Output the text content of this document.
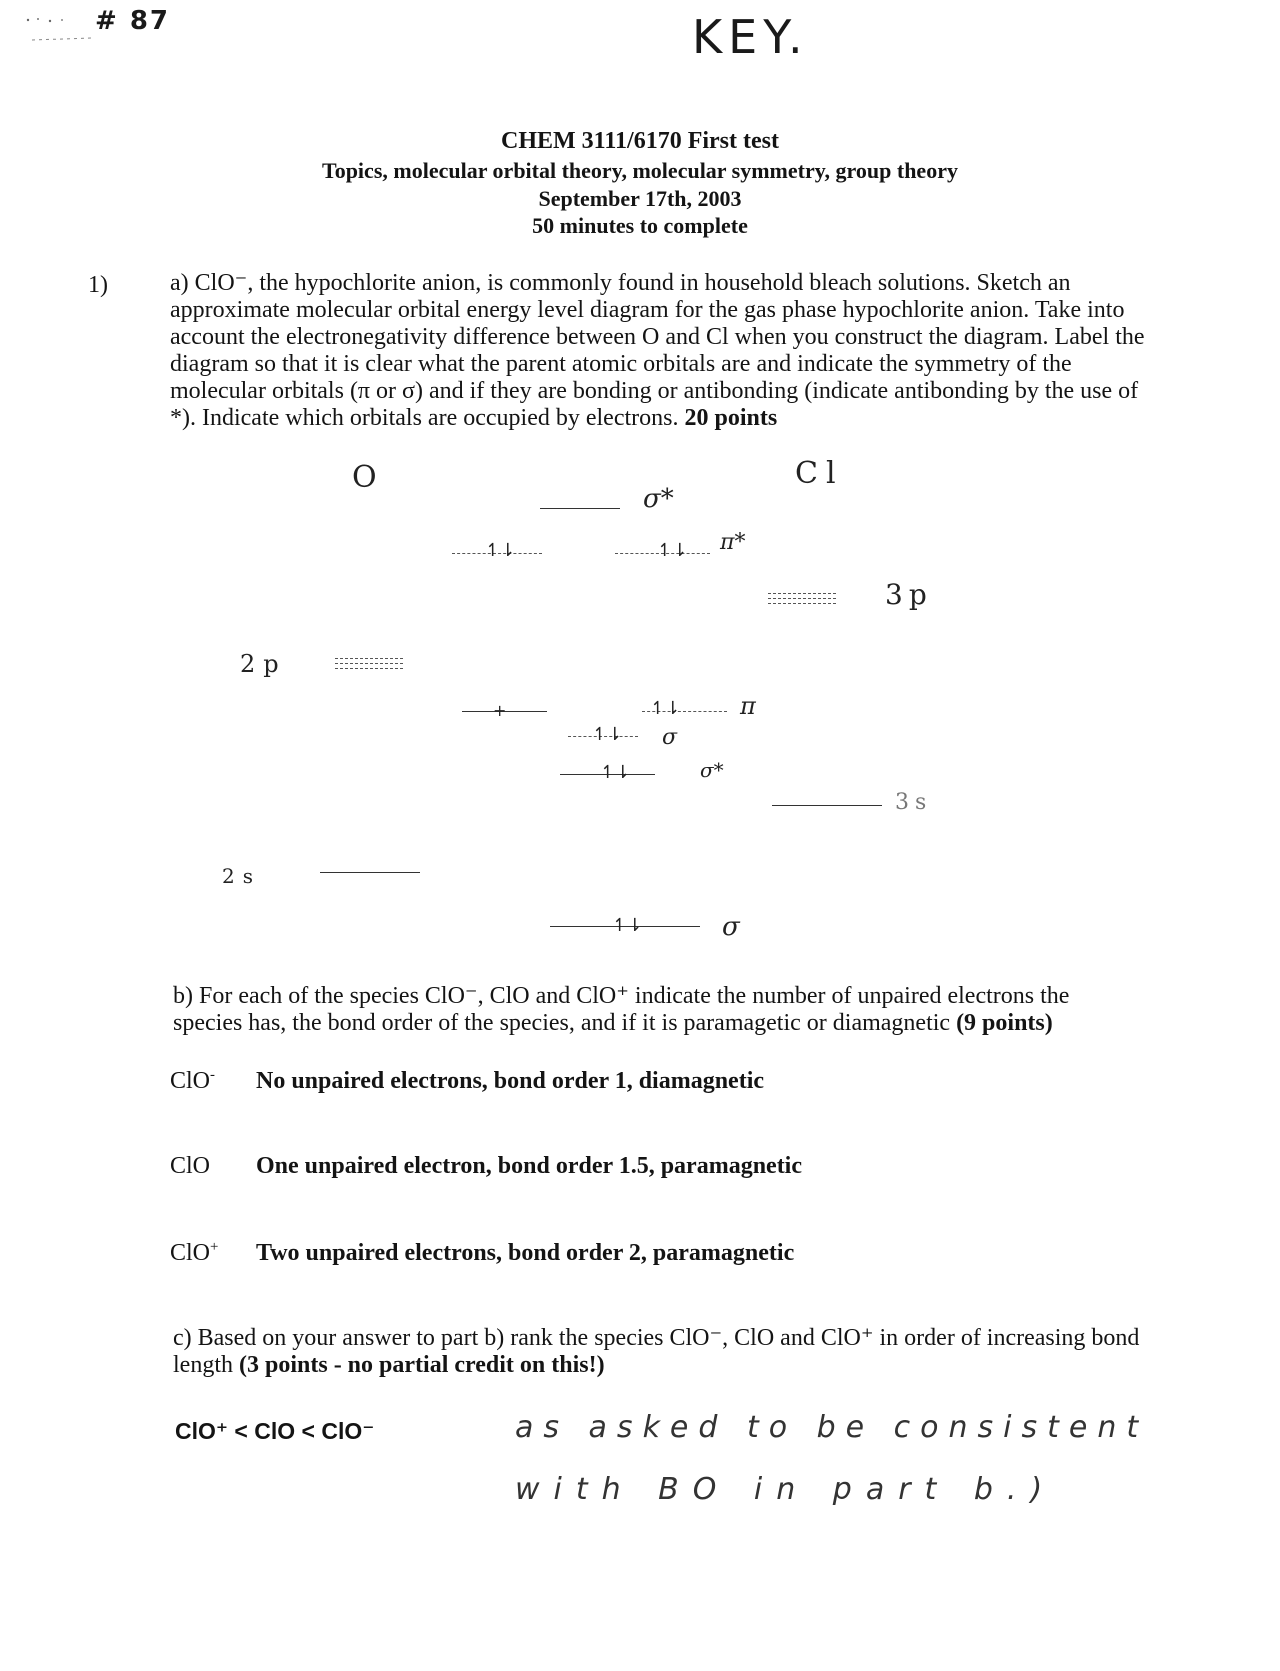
# 87	KEY.
CHEM 3111/6170 First test
Topics, molecular orbital theory, molecular symmetry, group theory
September 17th, 2003
50 minutes to complete
1)	a) ClO⁻, the hypochlorite anion, is commonly found in household bleach solutions. Sketch an approximate molecular orbital energy level diagram for the gas phase hypochlorite anion. Take into account the electronegativity difference between O and Cl when you construct the diagram. Label the diagram so that it is clear what the parent atomic orbitals are and indicate the symmetry of the molecular orbitals (π or σ) and if they are bonding or antibonding (indicate antibonding by the use of *). Indicate which orbitals are occupied by electrons. 20 points
O	Cl
σ*
↿⇂	↿⇂ π*
3p
2p
+	↿⇂ π
↿⇂ σ
↿⇂	σ*
3s
2s
↿⇂	σ
b) For each of the species ClO⁻, ClO and ClO⁺ indicate the number of unpaired electrons the species has, the bond order of the species, and if it is paramagetic or diamagnetic (9 points)
ClO- No unpaired electrons, bond order 1, diamagnetic
ClO One unpaired electron, bond order 1.5, paramagnetic
ClO+ Two unpaired electrons, bond order 2, paramagnetic
c) Based on your answer to part b) rank the species ClO⁻, ClO and ClO⁺ in order of increasing bond length (3 points - no partial credit on this!)
ClO⁺ < ClO < ClO⁻	as asked to be consistent
with BO in part b.)
